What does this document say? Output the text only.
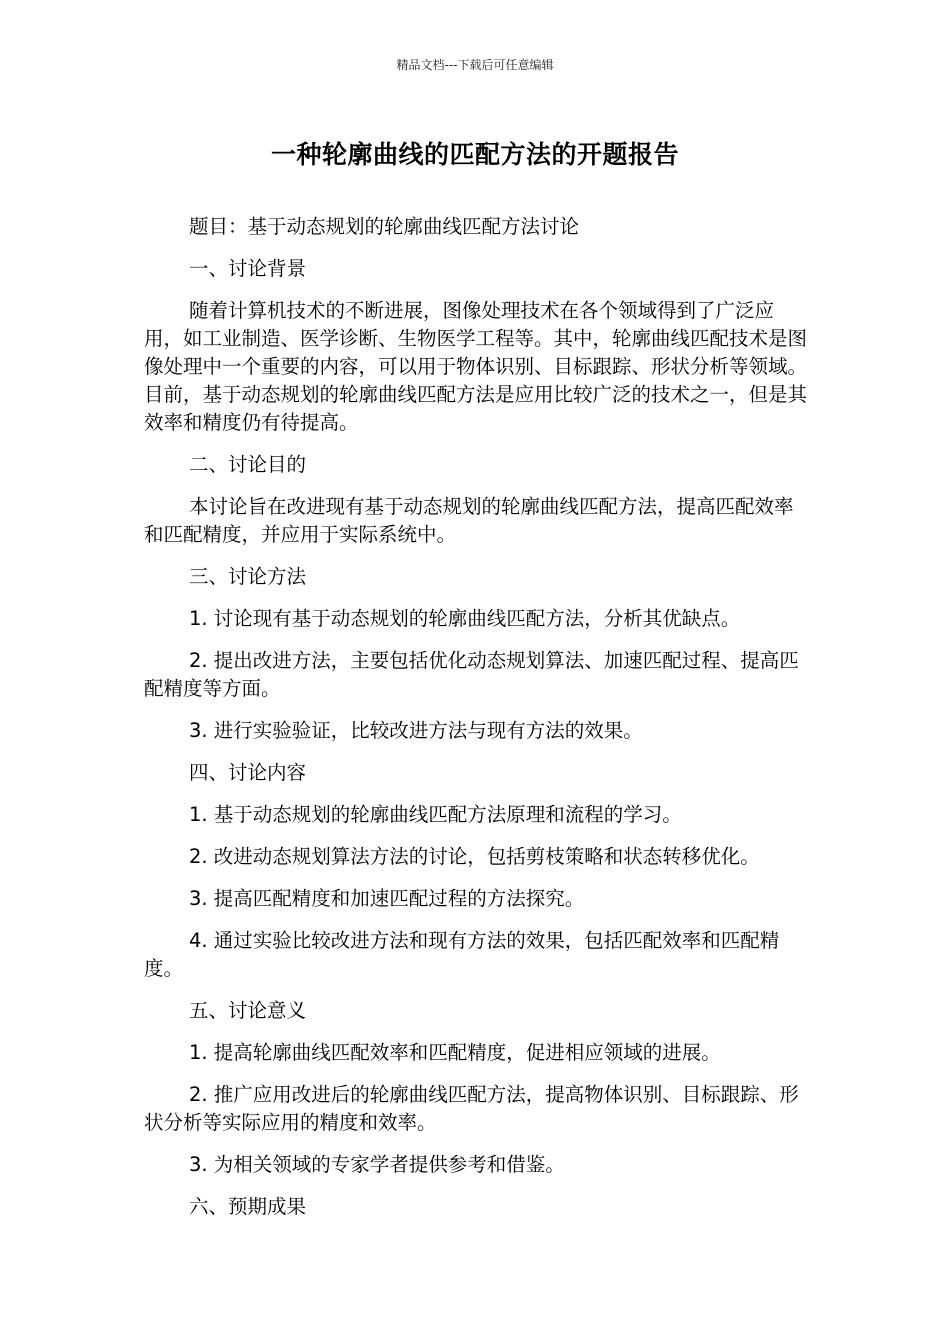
精品文档---下载后可任意编辑
一种轮廓曲线的匹配方法的开题报告

题目：基于动态规划的轮廓曲线匹配方法讨论

一、讨论背景

随着计算机技术的不断进展，图像处理技术在各个领域得到了广泛应用，如工业制造、医学诊断、生物医学工程等。其中，轮廓曲线匹配技术是图像处理中一个重要的内容，可以用于物体识别、目标跟踪、形状分析等领域。目前，基于动态规划的轮廓曲线匹配方法是应用比较广泛的技术之一，但是其效率和精度仍有待提高。

二、讨论目的

本讨论旨在改进现有基于动态规划的轮廓曲线匹配方法，提高匹配效率和匹配精度，并应用于实际系统中。

三、讨论方法

1. 讨论现有基于动态规划的轮廓曲线匹配方法，分析其优缺点。

2. 提出改进方法，主要包括优化动态规划算法、加速匹配过程、提高匹配精度等方面。

3. 进行实验验证，比较改进方法与现有方法的效果。

四、讨论内容

1. 基于动态规划的轮廓曲线匹配方法原理和流程的学习。

2. 改进动态规划算法方法的讨论，包括剪枝策略和状态转移优化。

3. 提高匹配精度和加速匹配过程的方法探究。

4. 通过实验比较改进方法和现有方法的效果，包括匹配效率和匹配精度。

五、讨论意义

1. 提高轮廓曲线匹配效率和匹配精度，促进相应领域的进展。

2. 推广应用改进后的轮廓曲线匹配方法，提高物体识别、目标跟踪、形状分析等实际应用的精度和效率。

3. 为相关领域的专家学者提供参考和借鉴。

六、预期成果
